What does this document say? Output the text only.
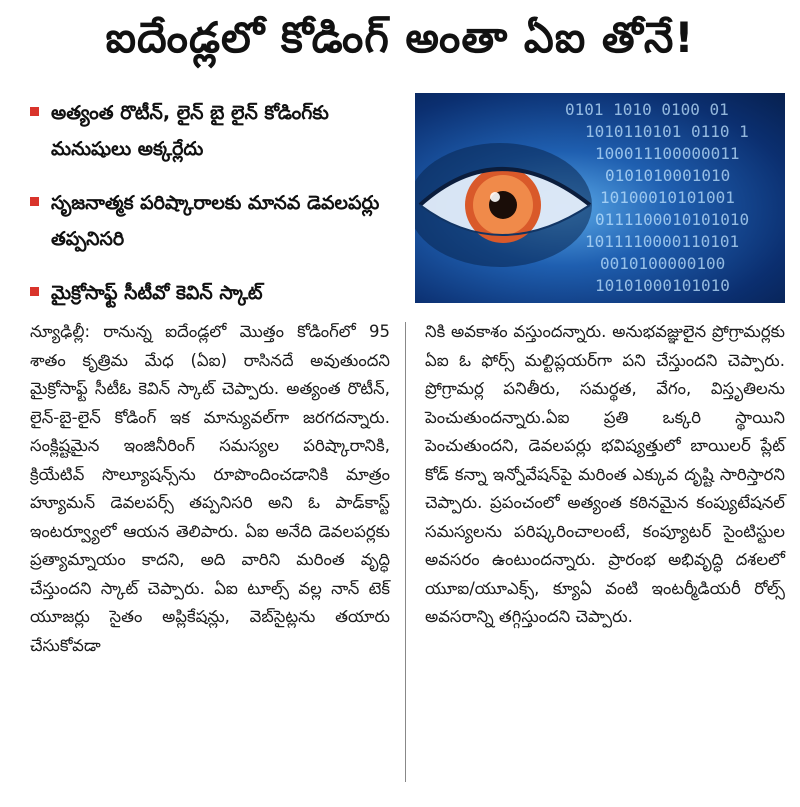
ఐదేండ్లలో కోడింగ్ అంతా ఏఐ తోనే!
అత్యంత రొటీన్, లైన్ బై లైన్ కోడింగ్‌కు మనుషులు అక్కర్లేదు
సృజనాత్మక పరిష్కారాలకు మానవ డెవలపర్లు తప్పనిసరి
మైక్రోసాఫ్ట్ సీటీవో కెవిన్ స్కాట్
0101 1010 0100 01
1010110101 0110 1
100011100000011
0101010001010
10100010101001
0111100010101010
1011110000110101
0010100000100
10101000101010
న్యూఢిల్లీ: రానున్న ఐదేండ్లలో మొత్తం కోడింగ్‌లో 95 శాతం కృత్రిమ మేధ (ఏఐ) రాసినదే అవుతుందని మైక్రోసాఫ్ట్ సీటీఓ కెవిన్ స్కాట్ చెప్పారు. అత్యంత రొటీన్, లైన్-బై-లైన్ కోడింగ్ ఇక మాన్యువల్‌గా జరగదన్నారు. సంక్లిష్టమైన ఇంజినీరింగ్ సమస్యల పరిష్కారానికి, క్రియేటివ్ సొల్యూషన్స్‌ను రూపొందించడానికి మాత్రం హ్యూమన్ డెవలపర్స్ తప్పనిసరి అని ఓ పాడ్‌కాస్ట్ ఇంటర్వ్యూలో ఆయన తెలిపారు. ఏఐ అనేది డెవలపర్లకు ప్రత్యామ్నాయం కాదని, అది వారిని మరింత వృద్ధి చేస్తుందని స్కాట్ చెప్పారు. ఏఐ టూల్స్ వల్ల నాన్ టెక్ యూజర్లు సైతం అప్లికేషన్లు, వెబ్‌సైట్లను తయారు చేసుకోవడా
నికి అవకాశం వస్తుందన్నారు. అనుభవజ్ఞులైన ప్రోగ్రామర్లకు ఏఐ ఓ ఫోర్స్ మల్టిప్లయర్‌గా పని చేస్తుందని చెప్పారు. ప్రోగ్రామర్ల పనితీరు, సమర్థత, వేగం, విస్తృతిలను పెంచుతుందన్నారు.ఏఐ ప్రతి ఒక్కరి స్థాయిని పెంచుతుందని, డెవలపర్లు భవిష్యత్తులో బాయిలర్ ప్లేట్ కోడ్ కన్నా ఇన్నోవేషన్‌పై మరింత ఎక్కువ దృష్టి సారిస్తారని చెప్పారు. ప్రపంచంలో అత్యంత కఠినమైన కంప్యుటేషనల్ సమస్యలను పరిష్కరించాలంటే, కంప్యూటర్ సైంటిస్టుల అవసరం ఉంటుందన్నారు. ప్రారంభ అభివృద్ధి దశలలో యూఐ/యూఎక్స్, క్యూఏ వంటి ఇంటర్మీడియరీ రోల్స్ అవసరాన్ని తగ్గిస్తుందని చెప్పారు.
